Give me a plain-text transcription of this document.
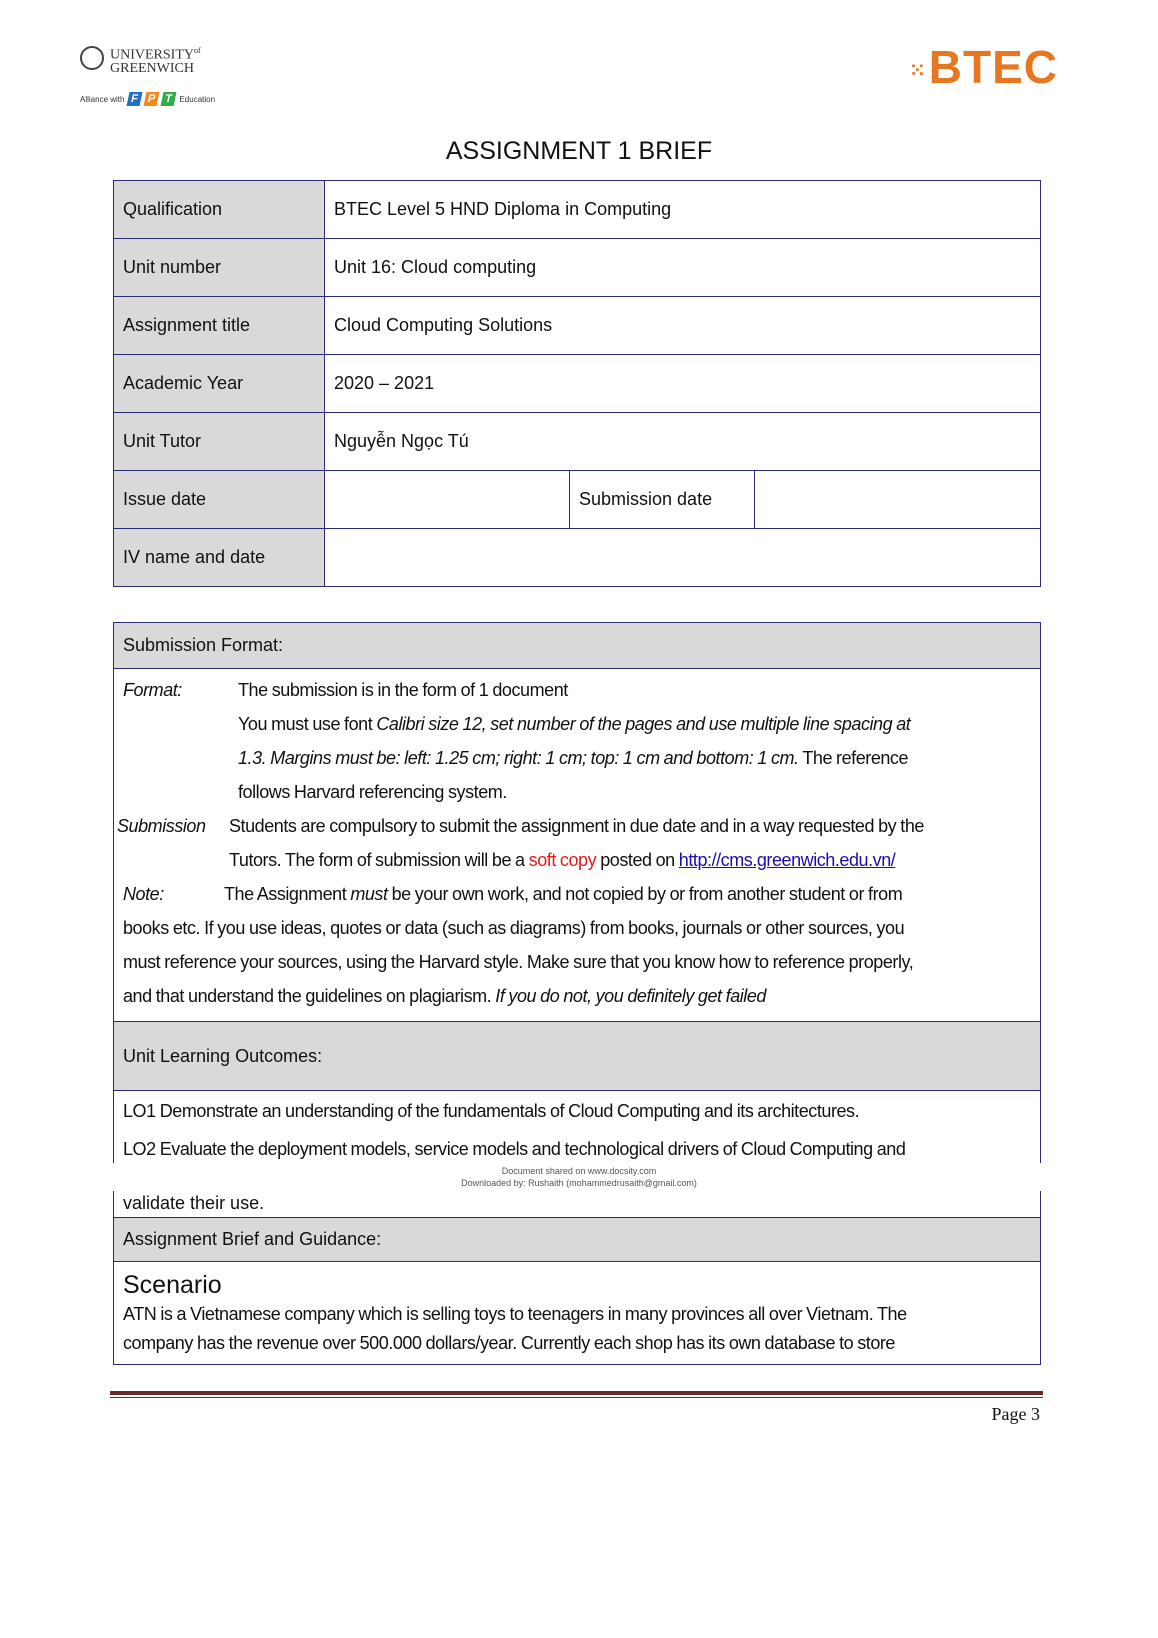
$UNIVERSITY^{of}$
GREENWICH
Alliance with F P T Education
⁙BTEC
ASSIGNMENT 1 BRIEF
Qualification	BTEC Level 5 HND Diploma in Computing		
Unit number	Unit 16: Cloud computing		
Assignment title	Cloud Computing Solutions		
Academic Year	2020 – 2021		
Unit Tutor	Nguyễn Ngọc Tú		
Issue date		Submission date	
IV name and date			
Submission Format:
Format:	The submission is in the form of 1 document
You must use font Calibri size 12, set number of the pages and use multiple line spacing at
1.3. Margins must be: left: 1.25 cm; right: 1 cm; top: 1 cm and bottom: 1 cm. The reference
follows Harvard referencing system.
Submission Students are compulsory to submit the assignment in due date and in a way requested by the
Tutors. The form of submission will be a soft copy posted on http://cms.greenwich.edu.vn/
Note:	The Assignment must be your own work, and not copied by or from another student or from
books etc. If you use ideas, quotes or data (such as diagrams) from books, journals or other sources, you
must reference your sources, using the Harvard style. Make sure that you know how to reference properly,
and that understand the guidelines on plagiarism. If you do not, you definitely get failed
Unit Learning Outcomes:
LO1 Demonstrate an understanding of the fundamentals of Cloud Computing and its architectures.
LO2 Evaluate the deployment models, service models and technological drivers of Cloud Computing and
Document shared on www.docsity.com
Downloaded by: Rushaith (mohammedrusaith@gmail.com)
validate their use.
Assignment Brief and Guidance:
Scenario
ATN is a Vietnamese company which is selling toys to teenagers in many provinces all over Vietnam. The
company has the revenue over 500.000 dollars/year. Currently each shop has its own database to store
Page 3
